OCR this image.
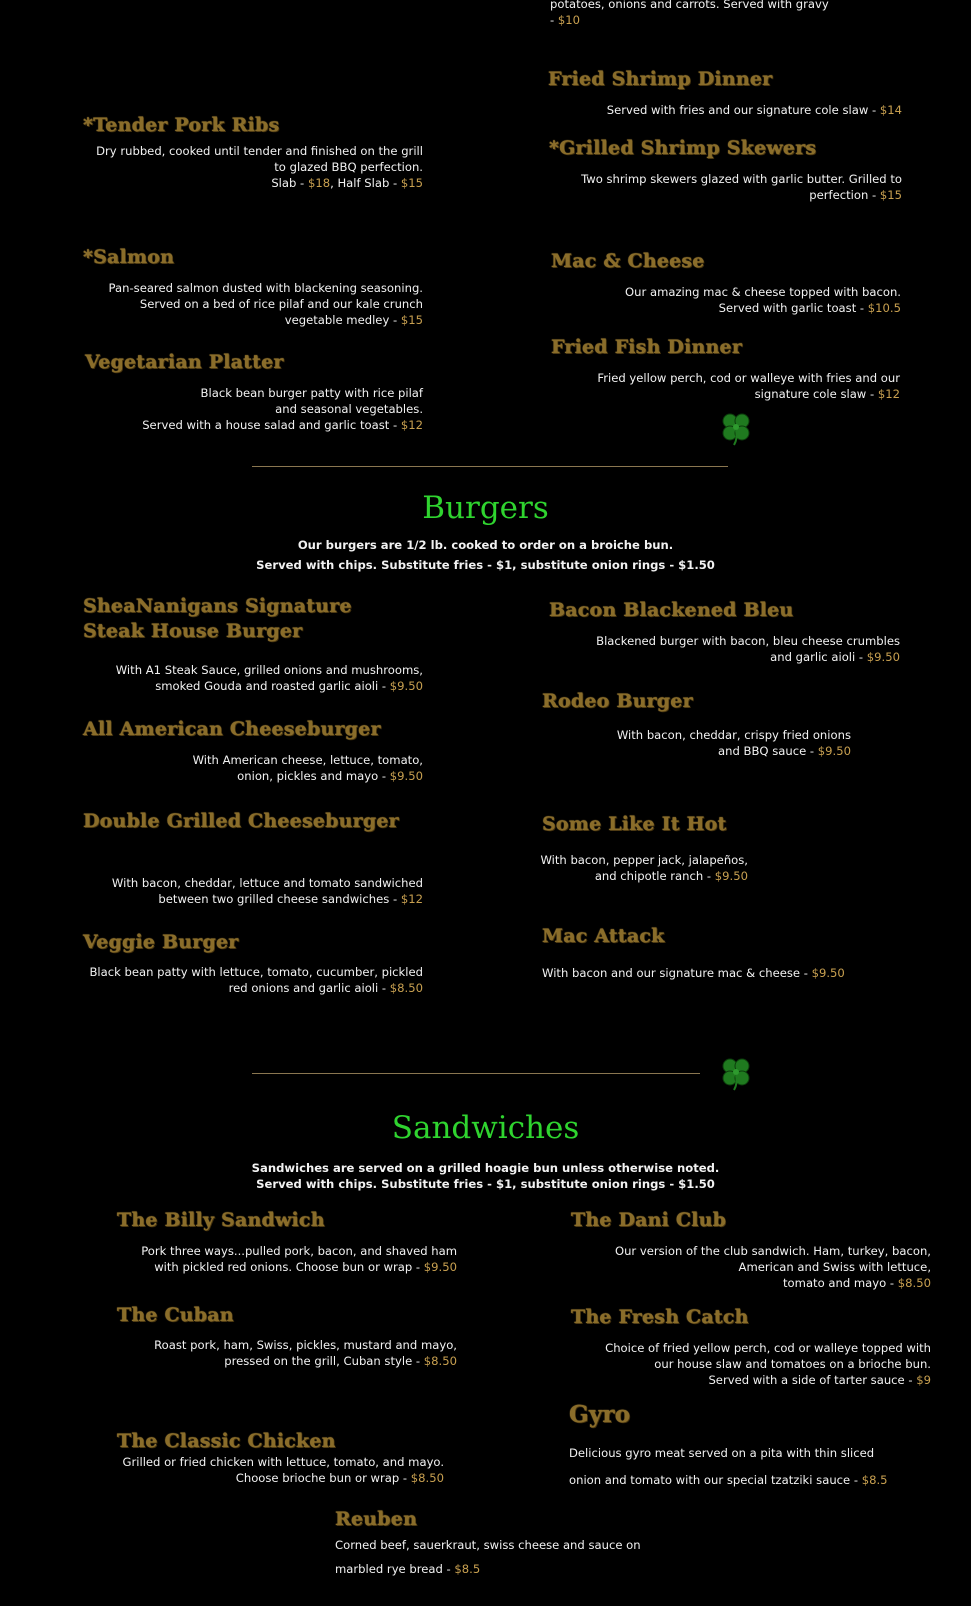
potatoes, onions and carrots. Served with gravy
- $10
*Tender Pork Ribs
Dry rubbed, cooked until tender and finished on the grill
to glazed BBQ perfection.
Slab - $18, Half Slab - $15
*Salmon
Pan-seared salmon dusted with blackening seasoning.
Served on a bed of rice pilaf and our kale crunch
vegetable medley - $15
Vegetarian Platter
Black bean burger patty with rice pilaf
and seasonal vegetables.
Served with a house salad and garlic toast - $12
Fried Shrimp Dinner
Served with fries and our signature cole slaw - $14
*Grilled Shrimp Skewers
Two shrimp skewers glazed with garlic butter. Grilled to
perfection - $15
Mac & Cheese
Our amazing mac & cheese topped with bacon.
Served with garlic toast - $10.5
Fried Fish Dinner
Fried yellow perch, cod or walleye with fries and our
signature cole slaw - $12
Burgers
Our burgers are 1/2 lb. cooked to order on a broiche bun.
Served with chips. Substitute fries - $1, substitute onion rings - $1.50
SheaNanigans Signature
Steak House Burger
With A1 Steak Sauce, grilled onions and mushrooms,
smoked Gouda and roasted garlic aioli - $9.50
All American Cheeseburger
With American cheese, lettuce, tomato,
onion, pickles and mayo - $9.50
Double Grilled Cheeseburger
With bacon, cheddar, lettuce and tomato sandwiched
between two grilled cheese sandwiches - $12
Veggie Burger
Black bean patty with lettuce, tomato, cucumber, pickled
red onions and garlic aioli - $8.50
Bacon Blackened Bleu
Blackened burger with bacon, bleu cheese crumbles
and garlic aioli - $9.50
Rodeo Burger
With bacon, cheddar, crispy fried onions
and BBQ sauce - $9.50
Some Like It Hot
With bacon, pepper jack, jalapeños,
and chipotle ranch - $9.50
Mac Attack
With bacon and our signature mac & cheese - $9.50
Sandwiches
Sandwiches are served on a grilled hoagie bun unless otherwise noted.
Served with chips. Substitute fries - $1, substitute onion rings - $1.50
The Billy Sandwich
Pork three ways...pulled pork, bacon, and shaved ham
with pickled red onions. Choose bun or wrap - $9.50
The Cuban
Roast pork, ham, Swiss, pickles, mustard and mayo,
pressed on the grill, Cuban style - $8.50
The Classic Chicken
Grilled or fried chicken with lettuce, tomato, and mayo.
Choose brioche bun or wrap - $8.50
The Dani Club
Our version of the club sandwich. Ham, turkey, bacon,
American and Swiss with lettuce,
tomato and mayo - $8.50
The Fresh Catch
Choice of fried yellow perch, cod or walleye topped with
our house slaw and tomatoes on a brioche bun.
Served with a side of tarter sauce - $9
Gyro
Delicious gyro meat served on a pita with thin sliced
onion and tomato with our special tzatziki sauce - $8.5
Reuben
Corned beef, sauerkraut, swiss cheese and sauce on
marbled rye bread - $8.5
